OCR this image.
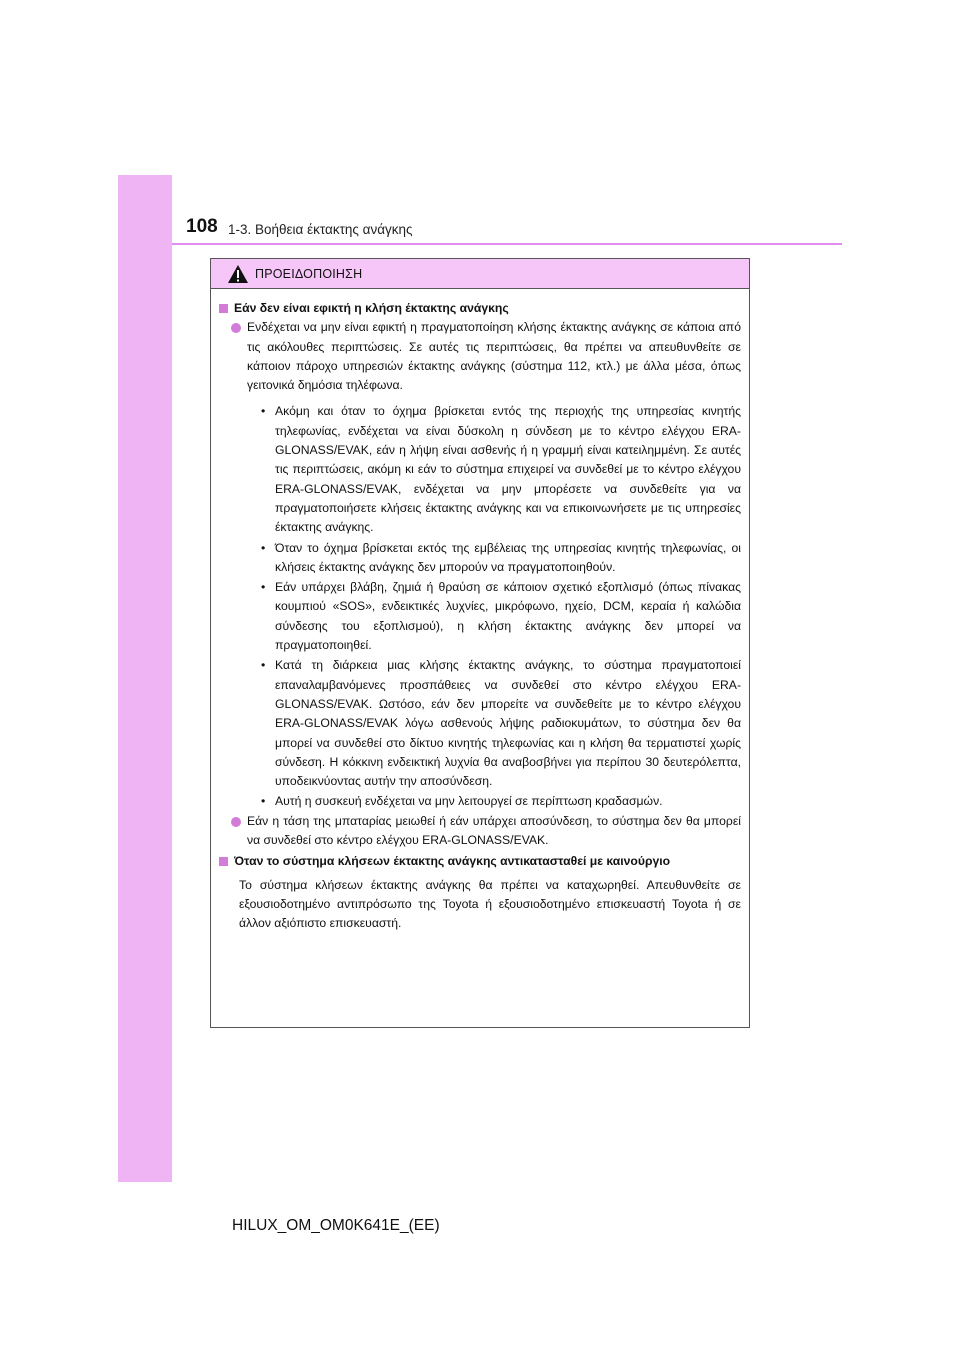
108 1-3. Βοήθεια έκτακτης ανάγκης
ΠΡΟΕΙΔΟΠΟΙΗΣΗ
Εάν δεν είναι εφικτή η κλήση έκτακτης ανάγκης
Ενδέχεται να μην είναι εφικτή η πραγματοποίηση κλήσης έκτακτης ανάγκης σε κάποια από τις ακόλουθες περιπτώσεις. Σε αυτές τις περιπτώσεις, θα πρέπει να απευθυνθείτε σε κάποιον πάροχο υπηρεσιών έκτακτης ανάγκης (σύστημα 112, κτλ.) με άλλα μέσα, όπως γειτονικά δημόσια τηλέφωνα.
• Ακόμη και όταν το όχημα βρίσκεται εντός της περιοχής της υπηρεσίας κινητής τηλεφωνίας, ενδέχεται να είναι δύσκολη η σύνδεση με το κέντρο ελέγχου ERA-GLONASS/EVAK, εάν η λήψη είναι ασθενής ή η γραμμή είναι κατειλημμένη. Σε αυτές τις περιπτώσεις, ακόμη κι εάν το σύστημα επιχειρεί να συνδεθεί με το κέντρο ελέγχου ERA-GLONASS/EVAK, ενδέχεται να μην μπορέσετε να συνδεθείτε για να πραγματοποιήσετε κλήσεις έκτακτης ανάγκης και να επικοινωνήσετε με τις υπηρεσίες έκτακτης ανάγκης.
• Όταν το όχημα βρίσκεται εκτός της εμβέλειας της υπηρεσίας κινητής τηλεφωνίας, οι κλήσεις έκτακτης ανάγκης δεν μπορούν να πραγματοποιηθούν.
• Εάν υπάρχει βλάβη, ζημιά ή θραύση σε κάποιον σχετικό εξοπλισμό (όπως πίνακας κουμπιού «SOS», ενδεικτικές λυχνίες, μικρόφωνο, ηχείο, DCM, κεραία ή καλώδια σύνδεσης του εξοπλισμού), η κλήση έκτακτης ανάγκης δεν μπορεί να πραγματοποιηθεί.
• Κατά τη διάρκεια μιας κλήσης έκτακτης ανάγκης, το σύστημα πραγματοποιεί επαναλαμβανόμενες προσπάθειες να συνδεθεί στο κέντρο ελέγχου ERA-GLONASS/EVAK. Ωστόσο, εάν δεν μπορείτε να συνδεθείτε με το κέντρο ελέγχου ERA-GLONASS/EVAK λόγω ασθενούς λήψης ραδιοκυμάτων, το σύστημα δεν θα μπορεί να συνδεθεί στο δίκτυο κινητής τηλεφωνίας και η κλήση θα τερματιστεί χωρίς σύνδεση. Η κόκκινη ενδεικτική λυχνία θα αναβοσβήνει για περίπου 30 δευτερόλεπτα, υποδεικνύοντας αυτήν την αποσύνδεση.
• Αυτή η συσκευή ενδέχεται να μην λειτουργεί σε περίπτωση κραδασμών.
Εάν η τάση της μπαταρίας μειωθεί ή εάν υπάρχει αποσύνδεση, το σύστημα δεν θα μπορεί να συνδεθεί στο κέντρο ελέγχου ERA-GLONASS/EVAK.
Όταν το σύστημα κλήσεων έκτακτης ανάγκης αντικατασταθεί με καινούργιο
Το σύστημα κλήσεων έκτακτης ανάγκης θα πρέπει να καταχωρηθεί. Απευθυνθείτε σε εξουσιοδοτημένο αντιπρόσωπο της Toyota ή εξουσιοδοτημένο επισκευαστή Toyota ή σε άλλον αξιόπιστο επισκευαστή.
HILUX_OM_OM0K641E_(EE)
